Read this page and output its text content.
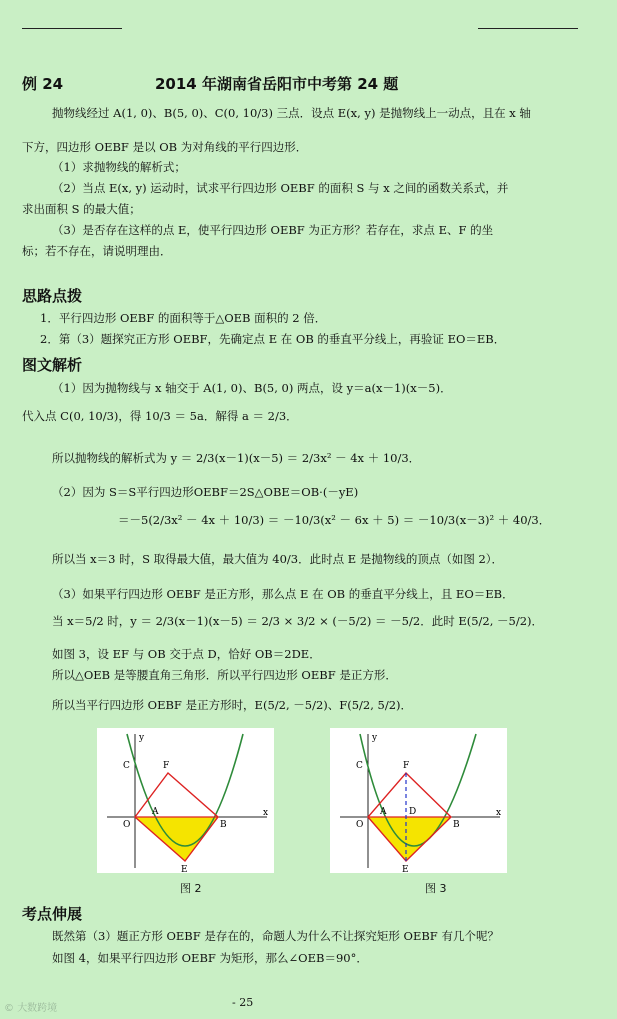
例 24	2014 年湖南省岳阳市中考第 24 题
抛物线经过 A(1, 0)、B(5, 0)、C(0, 10/3) 三点．设点 E(x, y) 是抛物线上一动点，且在 x 轴
下方，四边形 OEBF 是以 OB 为对角线的平行四边形．
（1）求抛物线的解析式；
（2）当点 E(x, y) 运动时，试求平行四边形 OEBF 的面积 S 与 x 之间的函数关系式，并
求出面积 S 的最大值；
（3）是否存在这样的点 E，使平行四边形 OEBF 为正方形？若存在，求点 E、F 的坐
标；若不存在，请说明理由．
思路点拨
1．平行四边形 OEBF 的面积等于△OEB 面积的 2 倍．
2．第（3）题探究正方形 OEBF，先确定点 E 在 OB 的垂直平分线上，再验证 EO＝EB．
图文解析
（1）因为抛物线与 x 轴交于 A(1, 0)、B(5, 0) 两点，设 y＝a(x－1)(x－5)．
代入点 C(0, 10/3)，得 10/3 ＝ 5a．解得 a ＝ 2/3．
所以抛物线的解析式为 y ＝ 2/3(x－1)(x－5) ＝ 2/3x² － 4x ＋ 10/3．
（2）因为 S＝S平行四边形OEBF＝2S△OBE＝OB·(－yE)
＝－5(2/3x² － 4x ＋ 10/3) ＝ －10/3(x² － 6x ＋ 5) ＝ －10/3(x－3)² ＋ 40/3．
所以当 x＝3 时，S 取得最大值，最大值为 40/3．此时点 E 是抛物线的顶点（如图 2）．
（3）如果平行四边形 OEBF 是正方形，那么点 E 在 OB 的垂直平分线上，且 EO＝EB．
当 x＝5/2 时，y ＝ 2/3(x－1)(x－5) ＝ 2/3 × 3/2 × (－5/2) ＝ －5/2．此时 E(5/2, －5/2)．
如图 3，设 EF 与 OB 交于点 D，恰好 OB＝2DE．
所以△OEB 是等腰直角三角形．所以平行四边形 OEBF 是正方形．
所以当平行四边形 OEBF 是正方形时，E(5/2, －5/2)、F(5/2, 5/2)．
x
y
O
A
B
C	F
E
图 2
x
y
O
A
B
C	F
D
E
图 3
考点伸展
既然第（3）题正方形 OEBF 是存在的，命题人为什么不让探究矩形 OEBF 有几个呢？
如图 4，如果平行四边形 OEBF 为矩形，那么∠OEB＝90°．
© 大数跨境	- 25
